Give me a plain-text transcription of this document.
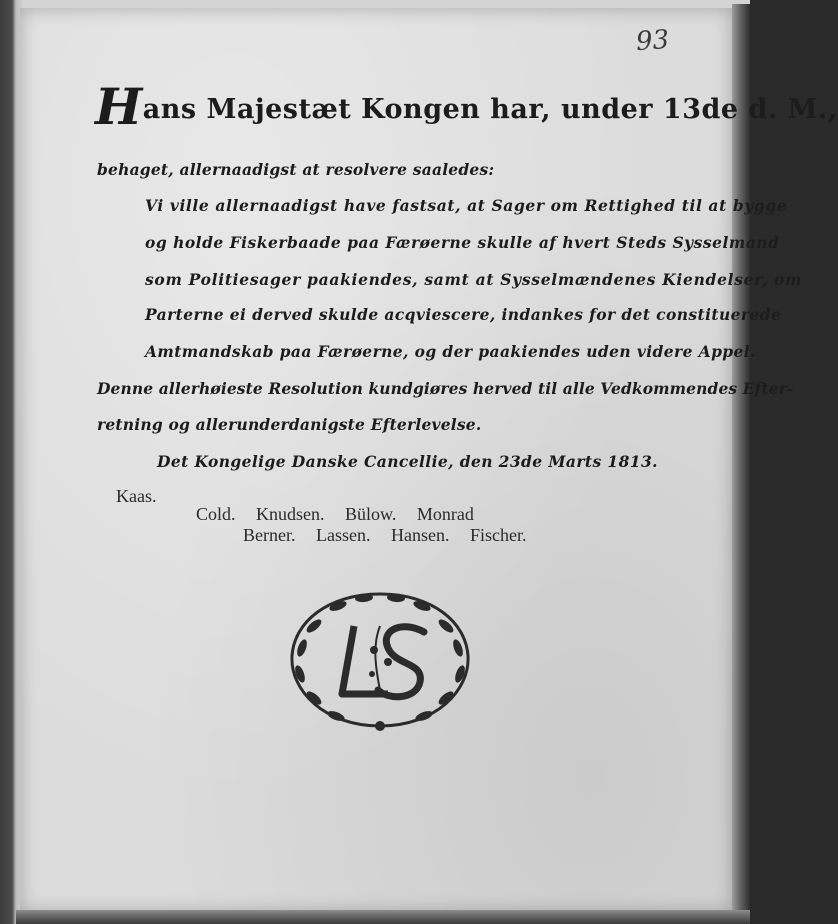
93
Hans Majestæt Kongen har, under 13de d. M.,
behaget, allernaadigst at resolvere saaledes:
Vi ville allernaadigst have fastsat, at Sager om Rettighed til at bygge
og holde Fiskerbaade paa Færøerne skulle af hvert Steds Sysselmand
som Politiesager paakiendes, samt at Sysselmændenes Kiendelser, om
Parterne ei derved skulde acqviescere, indankes for det constituerede
Amtmandskab paa Færøerne, og der paakiendes uden videre Appel.
Denne allerhøieste Resolution kundgiøres herved til alle Vedkommendes Efter-
retning og allerunderdanigste Efterlevelse.
Det Kongelige Danske Cancellie, den 23de Marts 1813.
Kaas.
Cold. Knudsen. Bülow. Monrad
Berner. Lassen. Hansen. Fischer.
